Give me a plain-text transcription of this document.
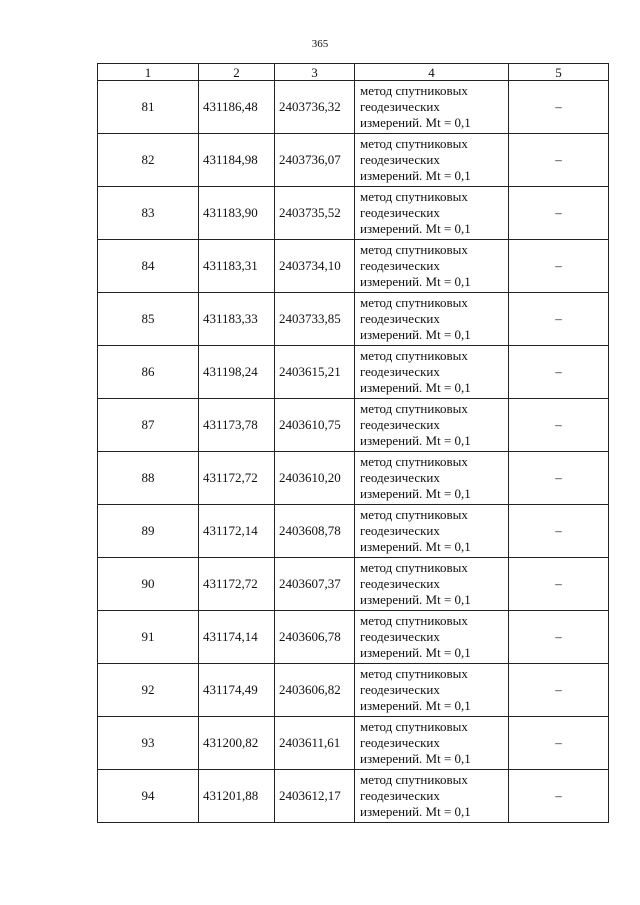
365
1	2	3	4	5
81	431186,48	2403736,32	метод спутниковых
геодезических
измерений. Mt = 0,1	–
82	431184,98	2403736,07	метод спутниковых
геодезических
измерений. Mt = 0,1	–
83	431183,90	2403735,52	метод спутниковых
геодезических
измерений. Mt = 0,1	–
84	431183,31	2403734,10	метод спутниковых
геодезических
измерений. Mt = 0,1	–
85	431183,33	2403733,85	метод спутниковых
геодезических
измерений. Mt = 0,1	–
86	431198,24	2403615,21	метод спутниковых
геодезических
измерений. Mt = 0,1	–
87	431173,78	2403610,75	метод спутниковых
геодезических
измерений. Mt = 0,1	–
88	431172,72	2403610,20	метод спутниковых
геодезических
измерений. Mt = 0,1	–
89	431172,14	2403608,78	метод спутниковых
геодезических
измерений. Mt = 0,1	–
90	431172,72	2403607,37	метод спутниковых
геодезических
измерений. Mt = 0,1	–
91	431174,14	2403606,78	метод спутниковых
геодезических
измерений. Mt = 0,1	–
92	431174,49	2403606,82	метод спутниковых
геодезических
измерений. Mt = 0,1	–
93	431200,82	2403611,61	метод спутниковых
геодезических
измерений. Mt = 0,1	–
94	431201,88	2403612,17	метод спутниковых
геодезических
измерений. Mt = 0,1	–
